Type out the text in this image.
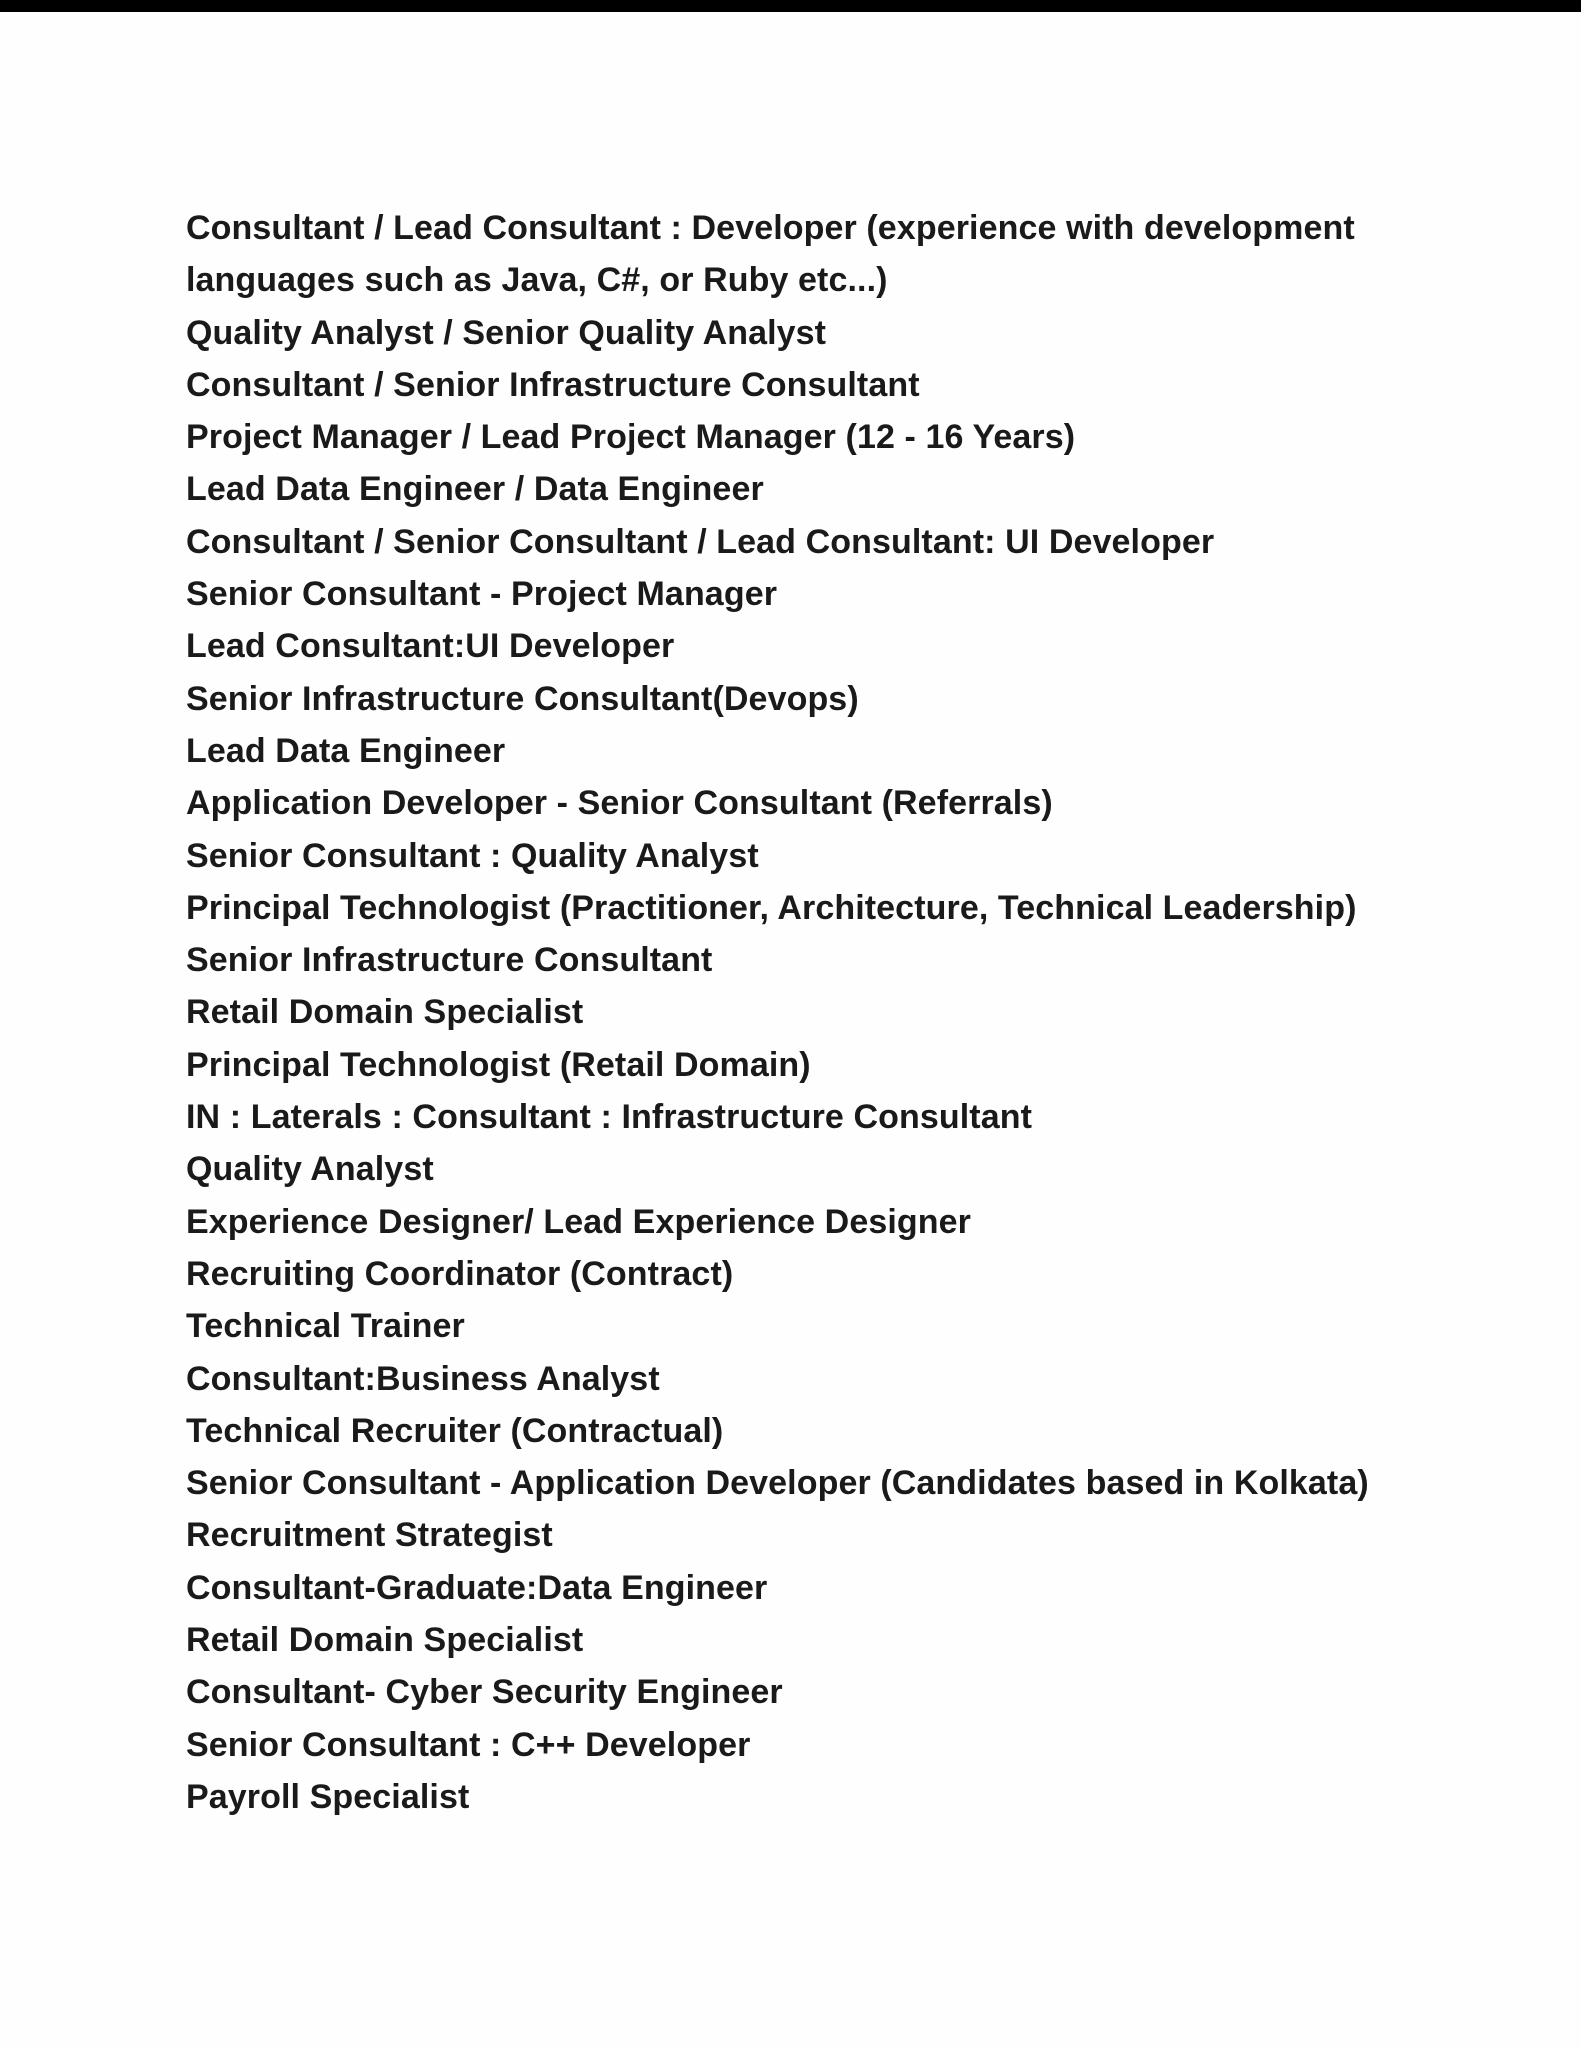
Consultant / Lead Consultant : Developer (experience with development languages such as Java, C#, or Ruby etc...)
Quality Analyst / Senior Quality Analyst
Consultant / Senior Infrastructure Consultant
Project Manager / Lead Project Manager (12 - 16 Years)
Lead Data Engineer / Data Engineer
Consultant / Senior Consultant / Lead Consultant: UI Developer
Senior Consultant - Project Manager
Lead Consultant:UI Developer
Senior Infrastructure Consultant(Devops)
Lead Data Engineer
Application Developer - Senior Consultant (Referrals)
Senior Consultant : Quality Analyst
Principal Technologist (Practitioner, Architecture, Technical Leadership)
Senior Infrastructure Consultant
Retail Domain Specialist
Principal Technologist (Retail Domain)
IN : Laterals : Consultant : Infrastructure Consultant
Quality Analyst
Experience Designer/ Lead Experience Designer
Recruiting Coordinator (Contract)
Technical Trainer
Consultant:Business Analyst
Technical Recruiter (Contractual)
Senior Consultant - Application Developer (Candidates based in Kolkata)
Recruitment Strategist
Consultant-Graduate:Data Engineer
Retail Domain Specialist
Consultant- Cyber Security Engineer
Senior Consultant : C++ Developer
Payroll Specialist
